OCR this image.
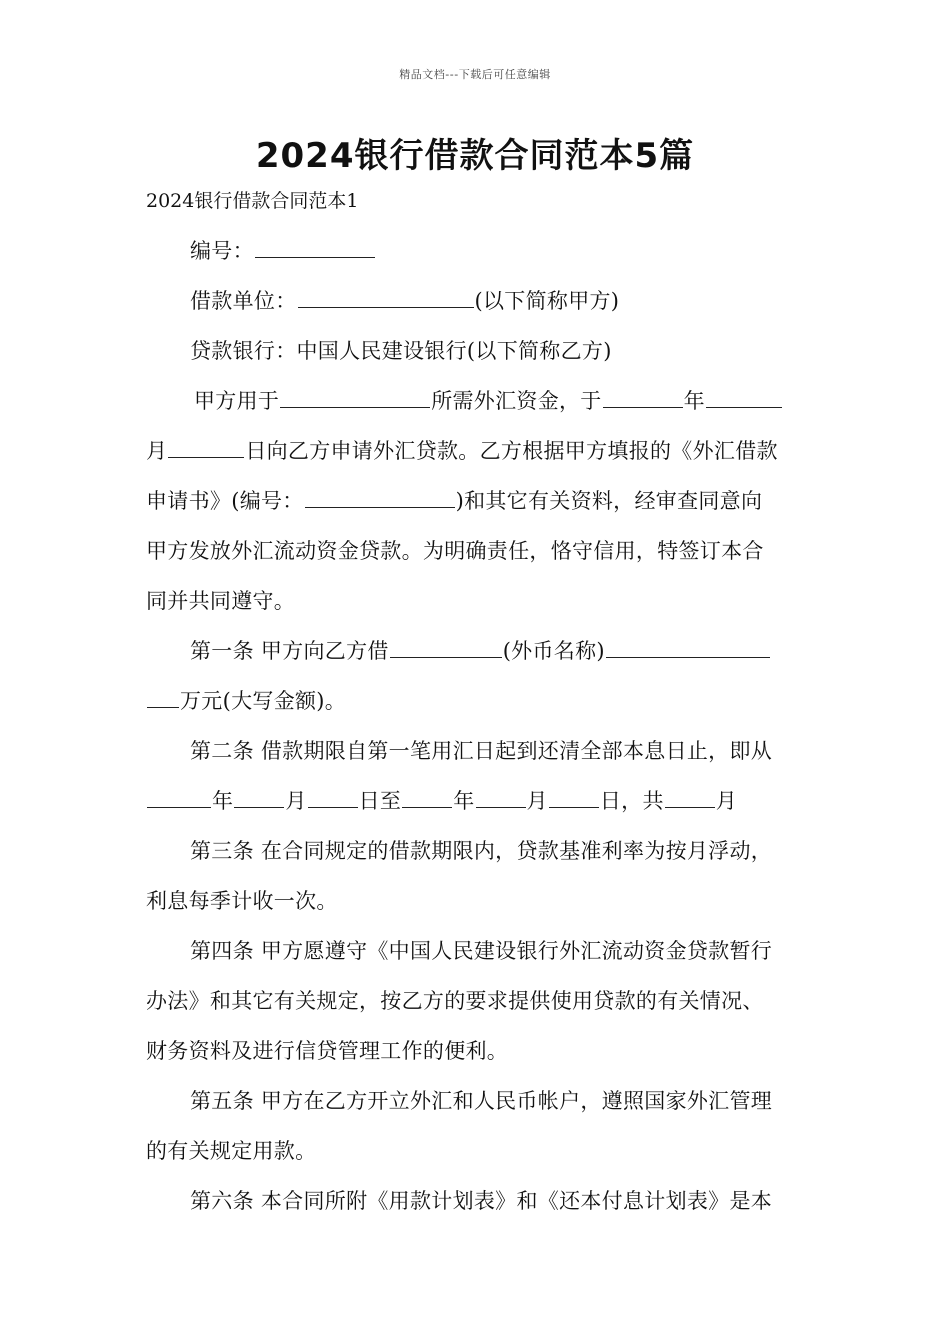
精品文档---下载后可任意编辑
2024银行借款合同范本5篇
2024银行借款合同范本1
编号：
借款单位：	(以下简称甲方)
贷款银行：中国人民建设银行(以下简称乙方)
甲方用于	所需外汇资金，于	年
月	日向乙方申请外汇贷款。乙方根据甲方填报的《外汇借款
申请书》(编号：	)和其它有关资料，经审查同意向
甲方发放外汇流动资金贷款。为明确责任，恪守信用，特签订本合
同并共同遵守。
第一条 甲方向乙方借	(外币名称)
万元(大写金额)。
第二条 借款期限自第一笔用汇日起到还清全部本息日止，即从
年 月 日至 年 月 日，共 月
第三条 在合同规定的借款期限内，贷款基准利率为按月浮动，
利息每季计收一次。
第四条 甲方愿遵守《中国人民建设银行外汇流动资金贷款暂行
办法》和其它有关规定，按乙方的要求提供使用贷款的有关情况、
财务资料及进行信贷管理工作的便利。
第五条 甲方在乙方开立外汇和人民币帐户，遵照国家外汇管理
的有关规定用款。
第六条 本合同所附《用款计划表》和《还本付息计划表》是本
